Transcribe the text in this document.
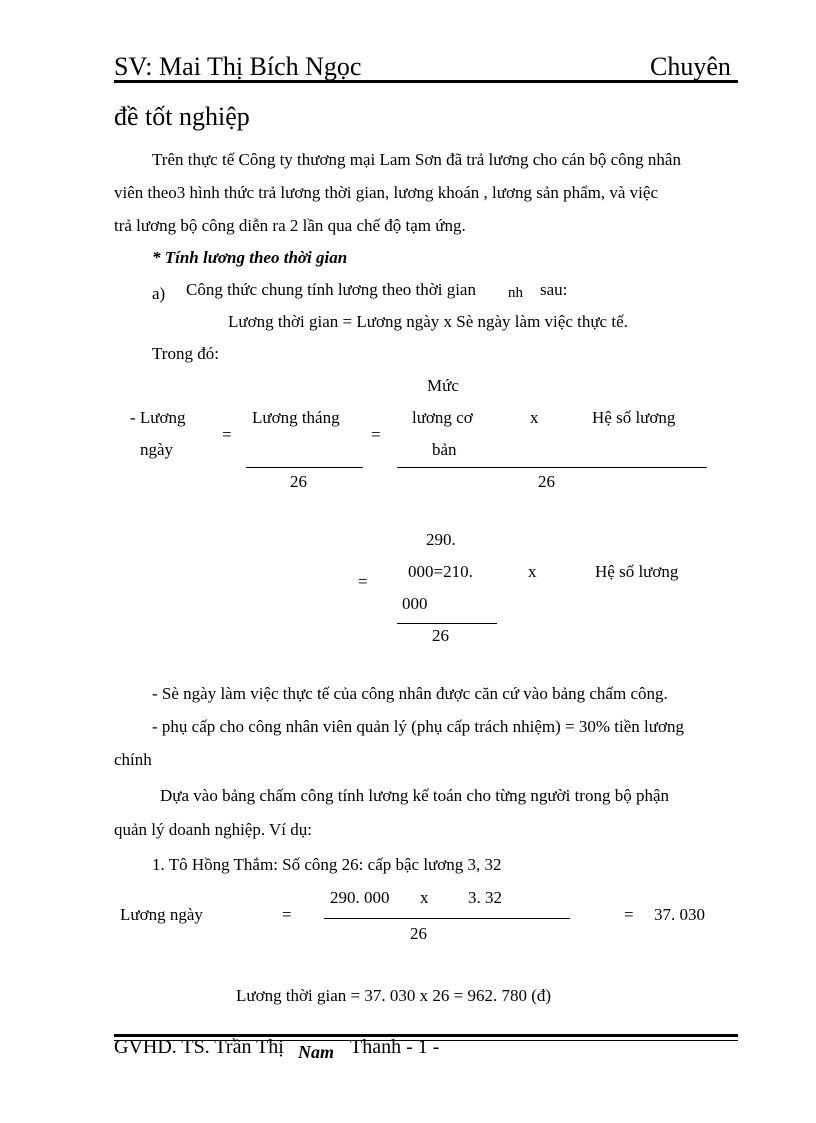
SV: Mai Thị Bích Ngọc	Chuyên
đề tốt nghiệp
Trên thực tế Công ty thương mại Lam Sơn đã trả lương cho cán bộ công nhân
viên theo3 hình thức trả lương thời gian, lương khoán , lương sản phẩm, và việc
trả lương bộ công diễn ra 2 lần qua chế độ tạm ứng.
* Tính lương theo thời gian
a) Công thức chung tính lương theo thời gian nh sau:
Lương thời gian = Lương ngày x Sè ngày làm việc thực tế.
Trong đó:
- Lương
ngày
=
Lương tháng
26
=
Mức
lương cơ
bản
x	Hệ số lương
26
=
290.
000=210.
000
26
x	Hệ số lương
- Sè ngày làm việc thực tế của công nhân được căn cứ vào bảng chấm công.
- phụ cấp cho công nhân viên quản lý (phụ cấp trách nhiệm) = 30% tiền lương
chính
Dựa vào bảng chấm công tính lương kế toán cho từng người trong bộ phận
quản lý doanh nghiệp. Ví dụ:
1. Tô Hồng Thắm: Số công 26: cấp bậc lương 3, 32
Lương ngày	=
290. 000 x 3. 32
26
= 37. 030
Lương thời gian = 37. 030 x 26 = 962. 780 (đ)
GVHD. TS. Trần Thị Nam Thanh - 1 -
